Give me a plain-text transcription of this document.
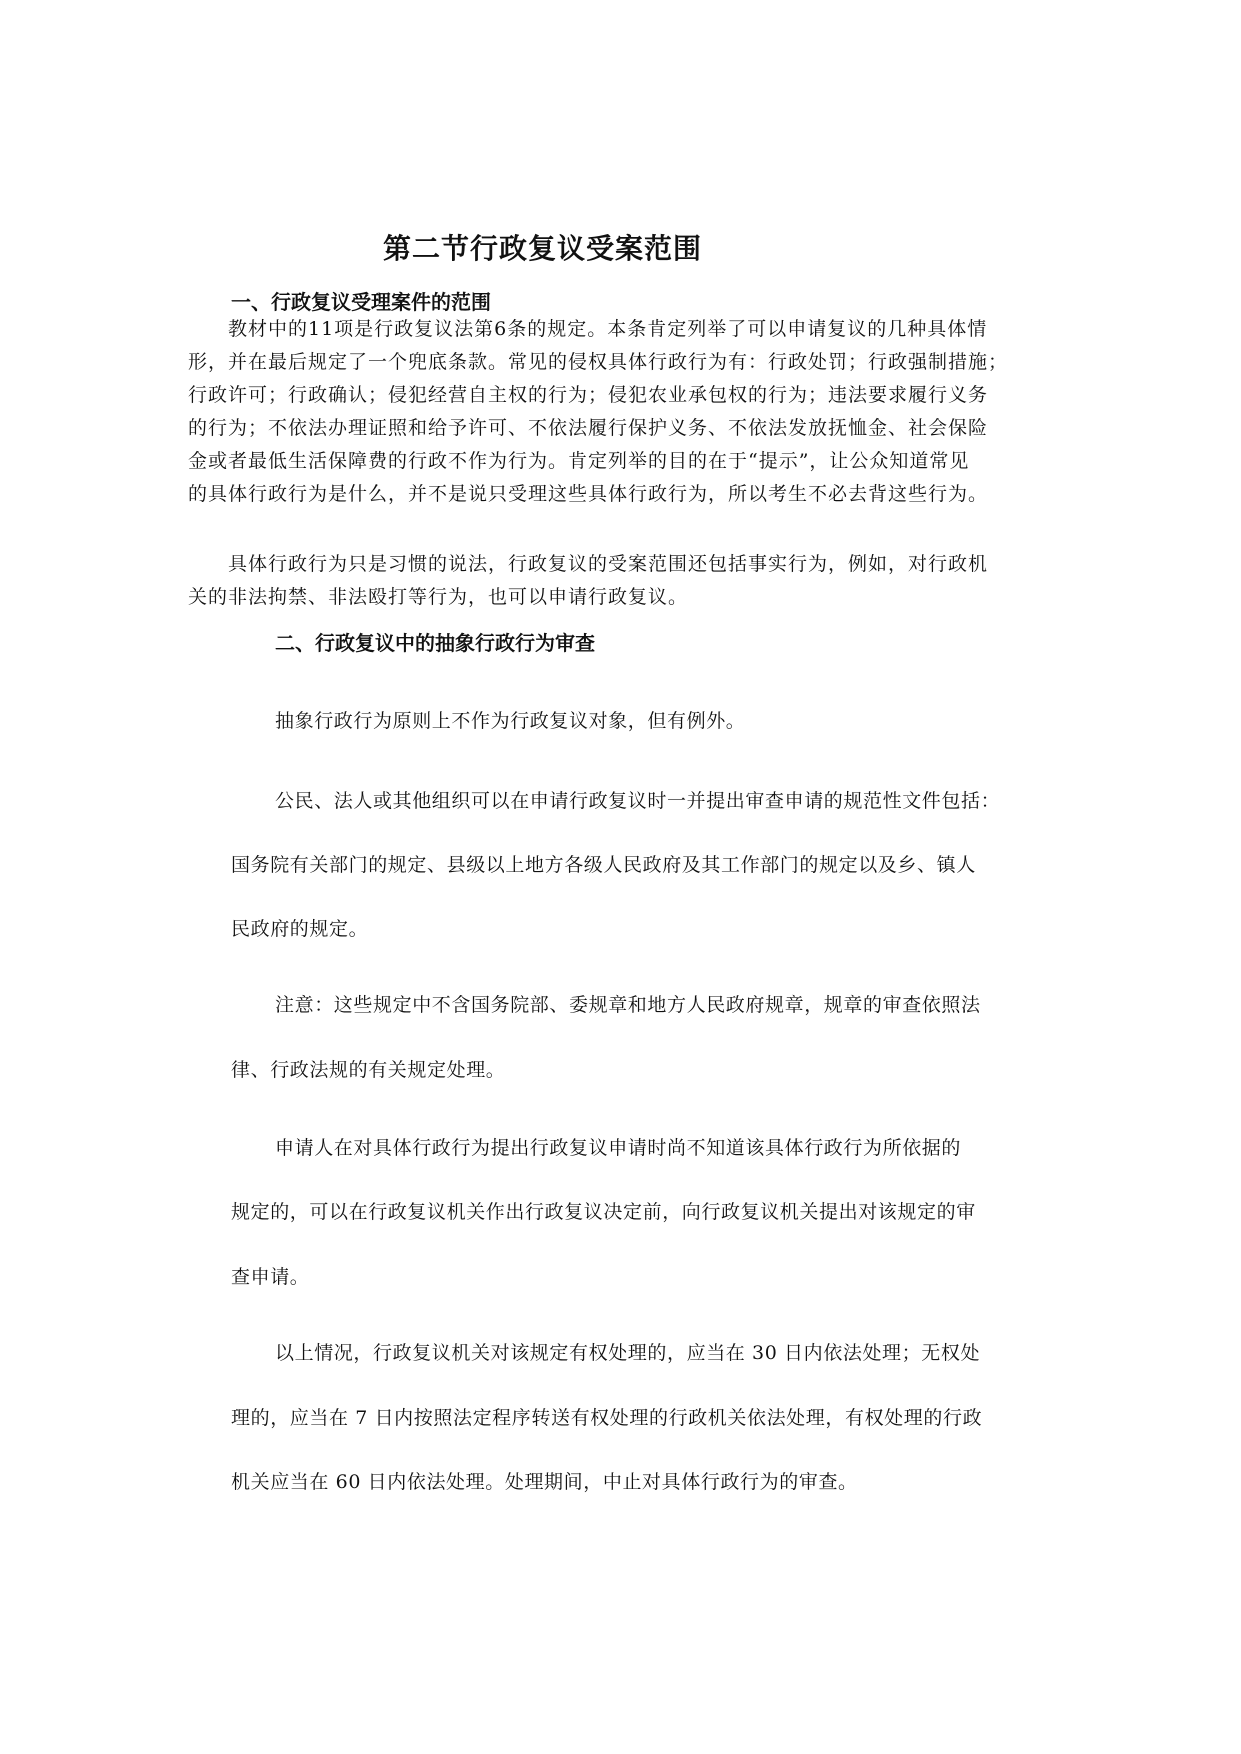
第二节行政复议受案范围
一、行政复议受理案件的范围
　　教材中的11项是行政复议法第6条的规定。本条肯定列举了可以申请复议的几种具体情
形，并在最后规定了一个兜底条款。常见的侵权具体行政行为有：行政处罚；行政强制措施；
行政许可；行政确认；侵犯经营自主权的行为；侵犯农业承包权的行为；违法要求履行义务
的行为；不依法办理证照和给予许可、不依法履行保护义务、不依法发放抚恤金、社会保险
金或者最低生活保障费的行政不作为行为。肯定列举的目的在于“提示”，让公众知道常见
的具体行政行为是什么，并不是说只受理这些具体行政行为，所以考生不必去背这些行为。
　　具体行政行为只是习惯的说法，行政复议的受案范围还包括事实行为，例如，对行政机
关的非法拘禁、非法殴打等行为，也可以申请行政复议。
二、行政复议中的抽象行政行为审查
抽象行政行为原则上不作为行政复议对象，但有例外。
公民、法人或其他组织可以在申请行政复议时一并提出审查申请的规范性文件包括：
国务院有关部门的规定、县级以上地方各级人民政府及其工作部门的规定以及乡、镇人
民政府的规定。
注意：这些规定中不含国务院部、委规章和地方人民政府规章，规章的审查依照法
律、行政法规的有关规定处理。
申请人在对具体行政行为提出行政复议申请时尚不知道该具体行政行为所依据的
规定的，可以在行政复议机关作出行政复议决定前，向行政复议机关提出对该规定的审
查申请。
以上情况，行政复议机关对该规定有权处理的，应当在 30 日内依法处理；无权处
理的，应当在 7 日内按照法定程序转送有权处理的行政机关依法处理，有权处理的行政
机关应当在 60 日内依法处理。处理期间，中止对具体行政行为的审查。
